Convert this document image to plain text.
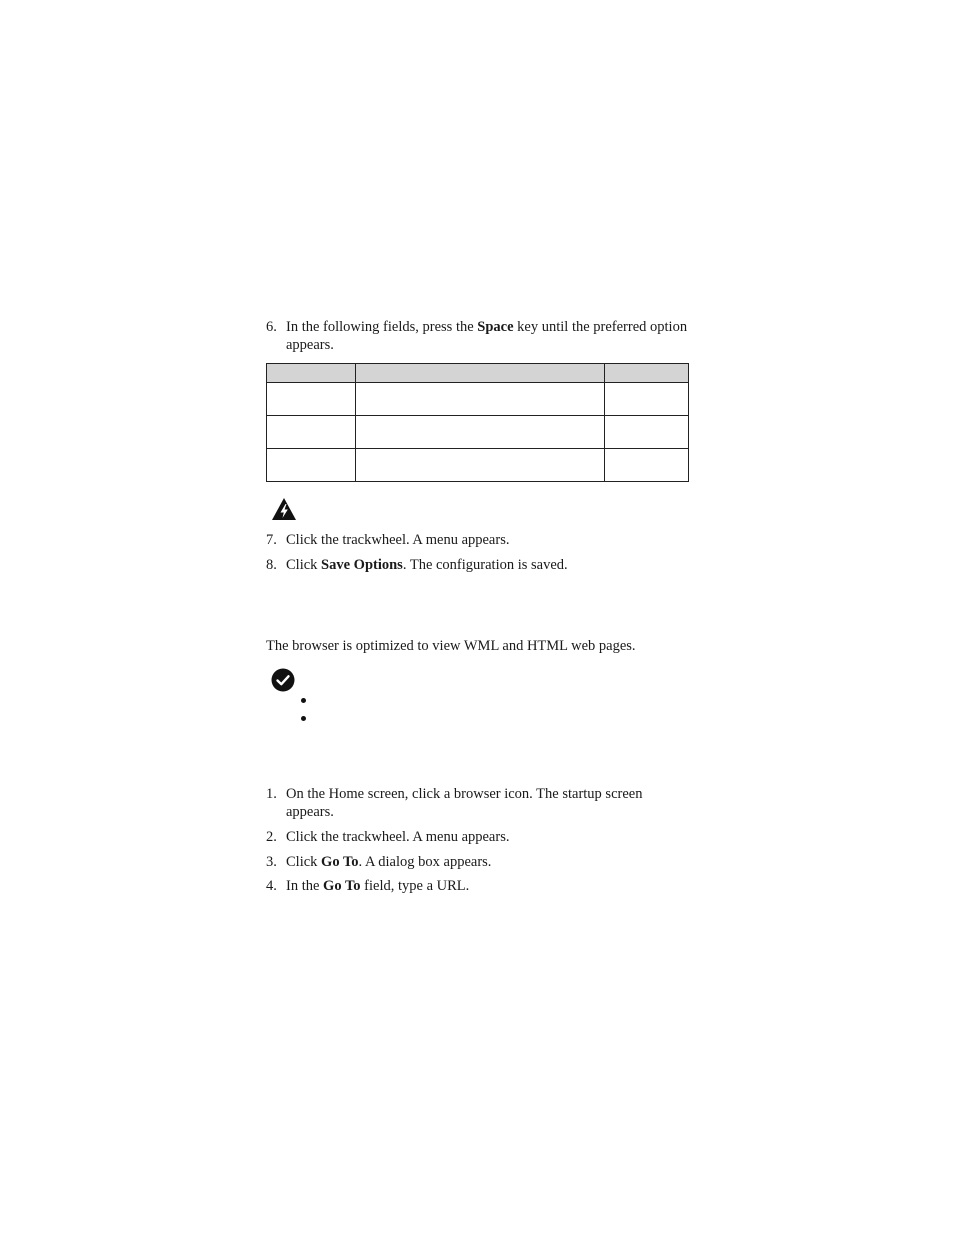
6. In the following fields, press the Space key until the preferred option appears.

7. Click the trackwheel. A menu appears.
8. Click Save Options. The configuration is saved.
The browser is optimized to view WML and HTML web pages.
1. On the Home screen, click a browser icon. The startup screen appears.
2. Click the trackwheel. A menu appears.
3. Click Go To. A dialog box appears.
4. In the Go To field, type a URL.
